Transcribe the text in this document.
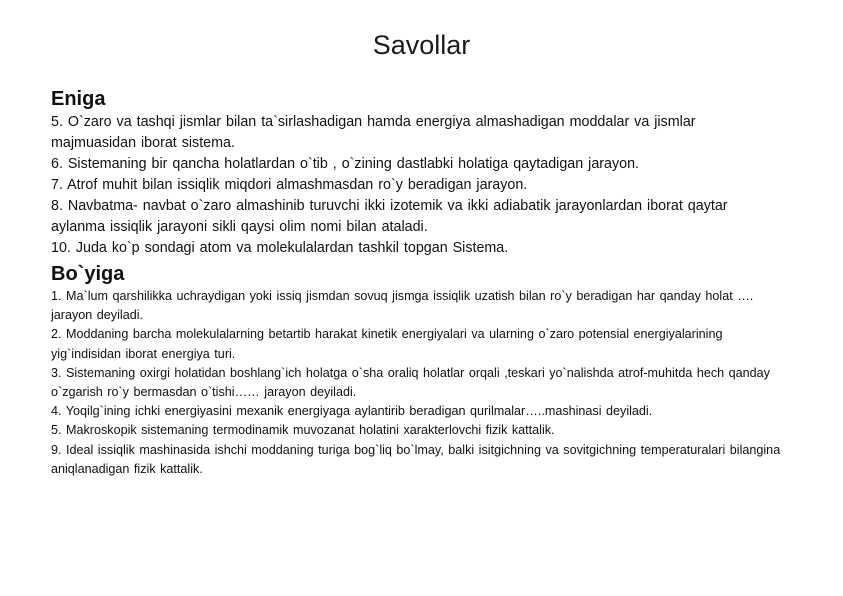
Savollar
Eniga

5. O`zaro va tashqi jismlar bilan ta`sirlashadigan hamda energiya almashadigan moddalar va jismlar majmuasidan iborat sistema.

6. Sistemaning bir qancha holatlardan o`tib , o`zining dastlabki holatiga qaytadigan jarayon.

7. Atrof muhit bilan issiqlik miqdori almashmasdan ro`y beradigan jarayon.

8. Navbatma- navbat o`zaro almashinib turuvchi ikki izotemik va ikki adiabatik jarayonlardan iborat qaytar aylanma issiqlik jarayoni sikli qaysi olim nomi bilan ataladi.

10. Juda ko`p sondagi atom va molekulalardan tashkil topgan Sistema.

Bo`yiga

1. Ma`lum qarshilikka uchraydigan yoki issiq jismdan sovuq jismga issiqlik uzatish bilan ro`y beradigan har qanday holat …. jarayon deyiladi.

2. Moddaning barcha molekulalarning betartib harakat kinetik energiyalari va ularning o`zaro potensial energiyalarining yig`indisidan iborat energiya turi.

3. Sistemaning oxirgi holatidan boshlang`ich holatga o`sha oraliq holatlar orqali ,teskari yo`nalishda atrof-muhitda hech qanday o`zgarish ro`y bermasdan o`tishi…… jarayon deyiladi.

4. Yoqilg`ining ichki energiyasini mexanik energiyaga aylantirib beradigan qurilmalar…..mashinasi deyiladi.

5. Makroskopik sistemaning termodinamik muvozanat holatini xarakterlovchi fizik kattalik.

9. Ideal issiqlik mashinasida ishchi moddaning turiga bog`liq bo`lmay, balki isitgichning va sovitgichning temperaturalari bilangina aniqlanadigan fizik kattalik.
